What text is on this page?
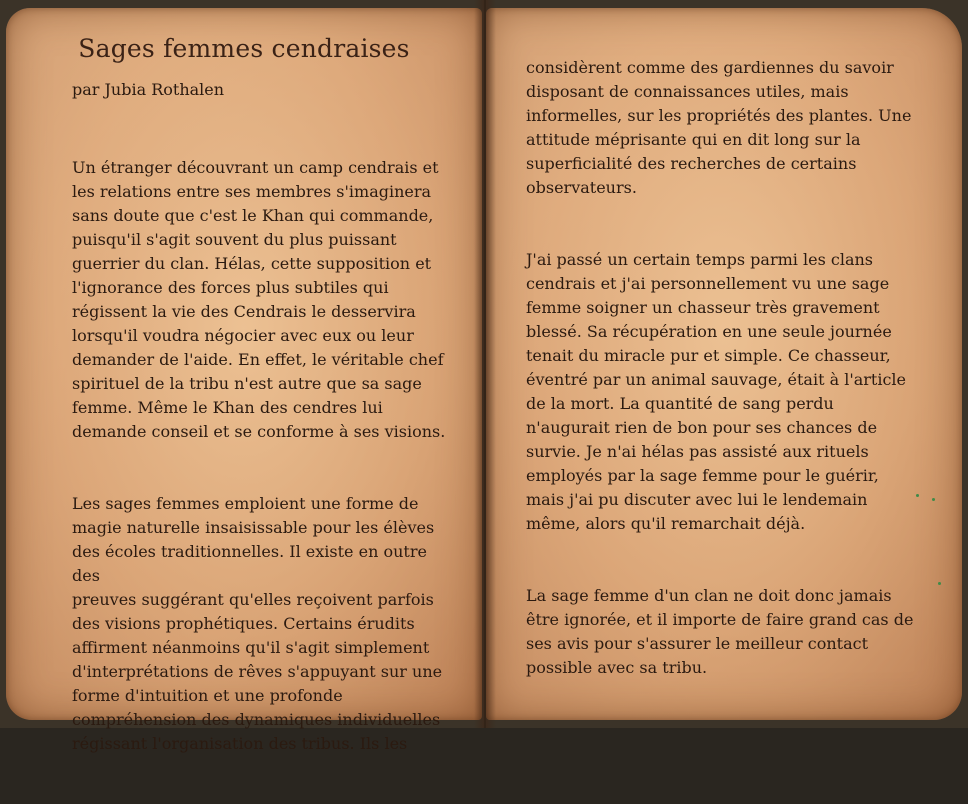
Sages femmes cendraises
par Jubia Rothalen

Un étranger découvrant un camp cendrais et
les relations entre ses membres s'imaginera
sans doute que c'est le Khan qui commande,
puisqu'il s'agit souvent du plus puissant
guerrier du clan. Hélas, cette supposition et
l'ignorance des forces plus subtiles qui
régissent la vie des Cendrais le desservira
lorsqu'il voudra négocier avec eux ou leur
demander de l'aide. En effet, le véritable chef
spirituel de la tribu n'est autre que sa sage
femme. Même le Khan des cendres lui
demande conseil et se conforme à ses visions.

Les sages femmes emploient une forme de
magie naturelle insaisissable pour les élèves
des écoles traditionnelles. Il existe en outre des
preuves suggérant qu'elles reçoivent parfois
des visions prophétiques. Certains érudits
affirment néanmoins qu'il s'agit simplement
d'interprétations de rêves s'appuyant sur une
forme d'intuition et une profonde
compréhension des dynamiques individuelles
régissant l'organisation des tribus. Ils les

considèrent comme des gardiennes du savoir
disposant de connaissances utiles, mais
informelles, sur les propriétés des plantes. Une
attitude méprisante qui en dit long sur la
superficialité des recherches de certains
observateurs.

J'ai passé un certain temps parmi les clans
cendrais et j'ai personnellement vu une sage
femme soigner un chasseur très gravement
blessé. Sa récupération en une seule journée
tenait du miracle pur et simple. Ce chasseur,
éventré par un animal sauvage, était à l'article
de la mort. La quantité de sang perdu
n'augurait rien de bon pour ses chances de
survie. Je n'ai hélas pas assisté aux rituels
employés par la sage femme pour le guérir,
mais j'ai pu discuter avec lui le lendemain
même, alors qu'il remarchait déjà.

La sage femme d'un clan ne doit donc jamais
être ignorée, et il importe de faire grand cas de
ses avis pour s'assurer le meilleur contact
possible avec sa tribu.
